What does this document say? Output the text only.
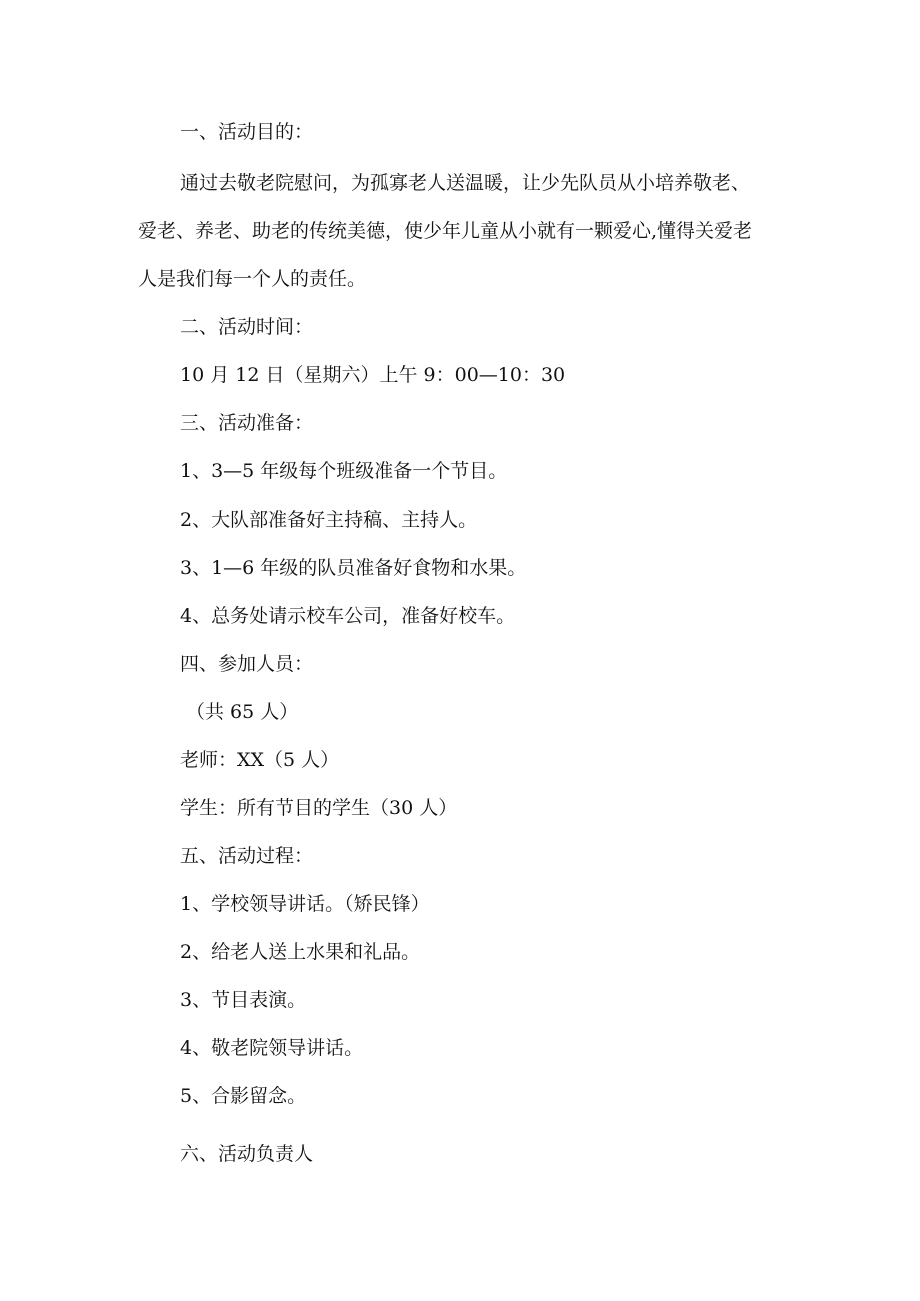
一、活动目的：
通过去敬老院慰问，为孤寡老人送温暖，让少先队员从小培养敬老、
爱老、养老、助老的传统美德，使少年儿童从小就有一颗爱心,懂得关爱老
人是我们每一个人的责任。
二、活动时间：
10 月 12 日（星期六）上午 9：00—10：30
三、活动准备：
1、3—5 年级每个班级准备一个节目。
2、大队部准备好主持稿、主持人。
3、1—6 年级的队员准备好食物和水果。
4、总务处请示校车公司，准备好校车。
四、参加人员：
（共 65 人）
老师：XX（5 人）
学生：所有节目的学生（30 人）
五、活动过程：
1、学校领导讲话。（矫民锋）
2、给老人送上水果和礼品。
3、节目表演。
4、敬老院领导讲话。
5、合影留念。
六、活动负责人
